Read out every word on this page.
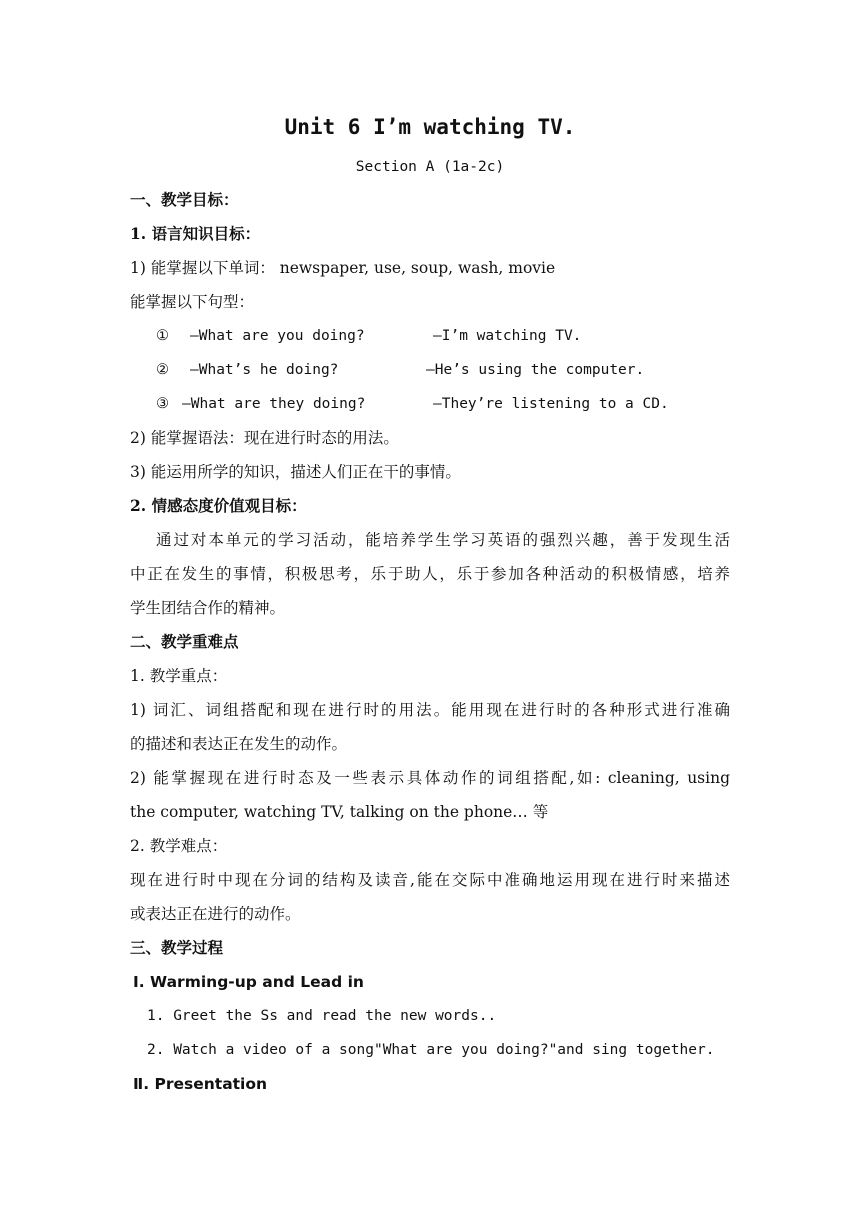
Unit 6 I’m watching TV.
Section A (1a-2c)
一、教学目标：
1. 语言知识目标：
1) 能掌握以下单词： newspaper, use, soup, wash, movie
能掌握以下句型：
① —What are you doing?	—I’m watching TV.
② —What’s he doing?	—He’s using the computer.
③ —What are they doing?	—They’re listening to a CD.
2) 能掌握语法：现在进行时态的用法。
3) 能运用所学的知识，描述人们正在干的事情。
2. 情感态度价值观目标：
通过对本单元的学习活动，能培养学生学习英语的强烈兴趣，善于发现生活
中正在发生的事情，积极思考，乐于助人，乐于参加各种活动的积极情感，培养
学生团结合作的精神。
二、教学重难点
1. 教学重点：
1) 词汇、词组搭配和现在进行时的用法。能用现在进行时的各种形式进行准确
的描述和表达正在发生的动作。
2) 能掌握现在进行时态及一些表示具体动作的词组搭配,如: cleaning, using
the computer, watching TV, talking on the phone… 等
2. 教学难点：
现在进行时中现在分词的结构及读音,能在交际中准确地运用现在进行时来描述
或表达正在进行的动作。
三、教学过程
Ⅰ. Warming-up and Lead in
1. Greet the Ss and read the new words..
2. Watch a video of a song"What are you doing?"and sing together.
Ⅱ. Presentation
